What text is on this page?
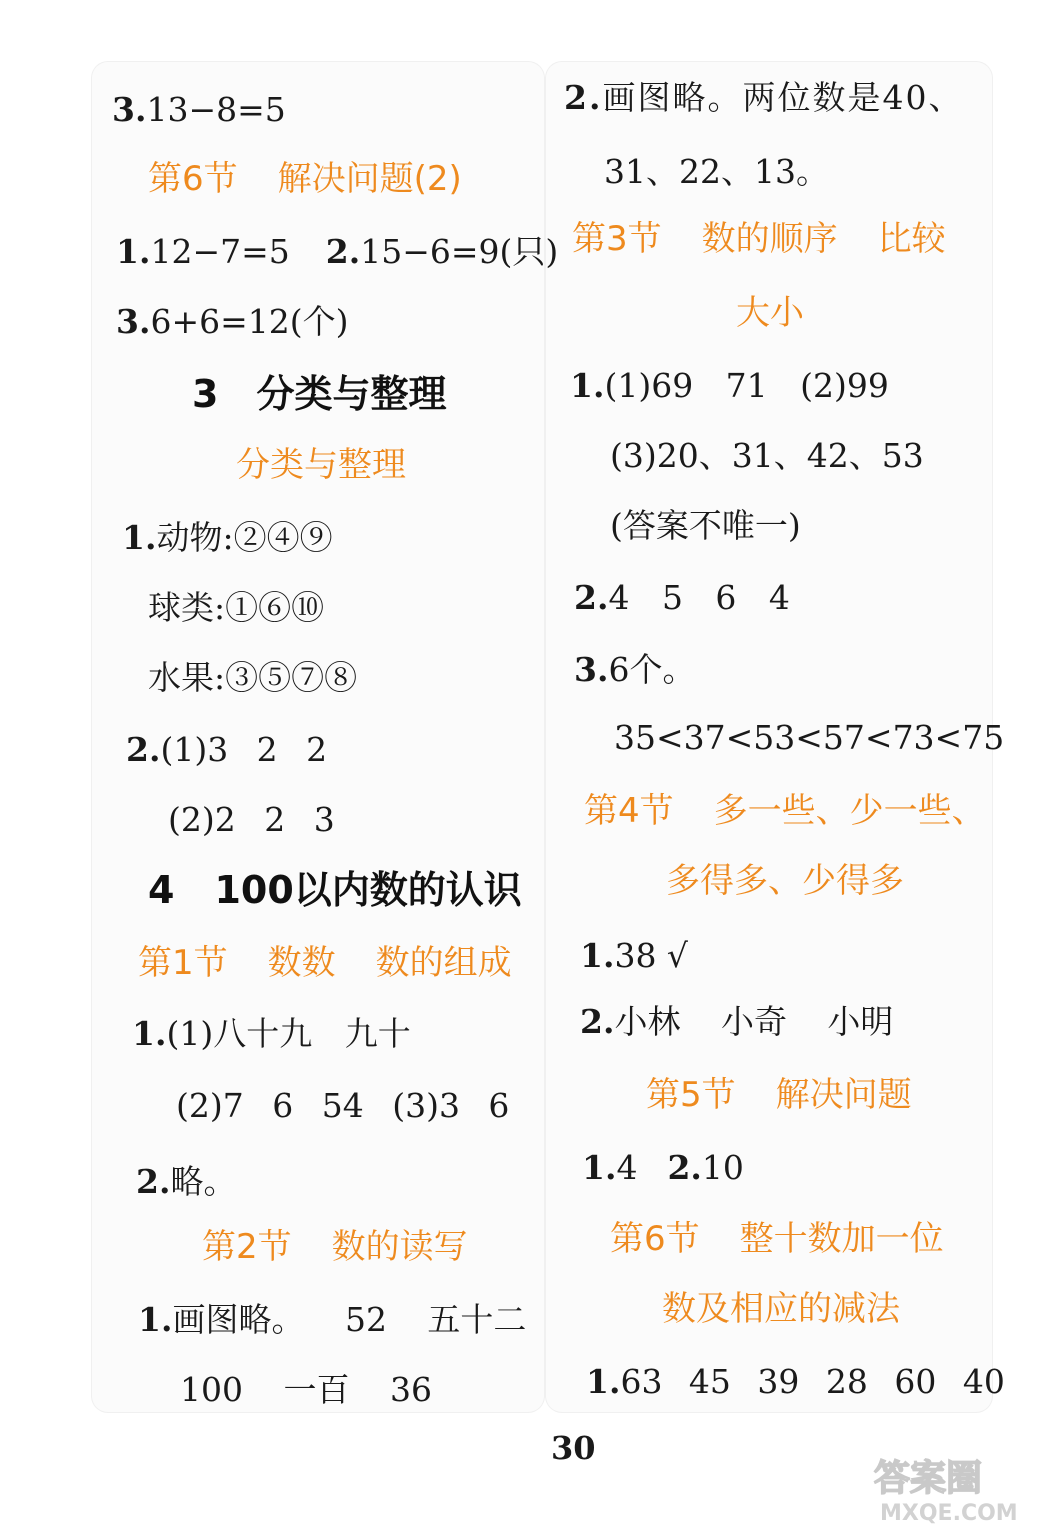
3.13−8=5
第6节 解决问题(2)
1.12−7=5 2.15−6=9(只)
3.6+6=12(个)
3 分类与整理
分类与整理
1.动物:②④⑨
球类:①⑥⑩
水果:③⑤⑦⑧
2.(1)3 2 2
(2)2 2 3
4 100以内数的认识
第1节 数数 数的组成
1.(1)八十九 九十
(2)7 6 54 (3)3 6
2.略。
第2节 数的读写
1.画图略。 52 五十二
100 一百 36
2.画图略。两位数是40、
31、22、13。
第3节 数的顺序 比较
大小
1.(1)69 71 (2)99
(3)20、31、42、53
(答案不唯一)
2.4 5 6 4
3.6个。
35<37<53<57<73<75
第4节 多一些、少一些、
多得多、少得多
1.38 √
2.小林 小奇 小明
第5节 解决问题
1.4 2.10
第6节 整十数加一位
数及相应的减法
1.63 45 39 28 60 40
30
答案圈
MXQE.COM
